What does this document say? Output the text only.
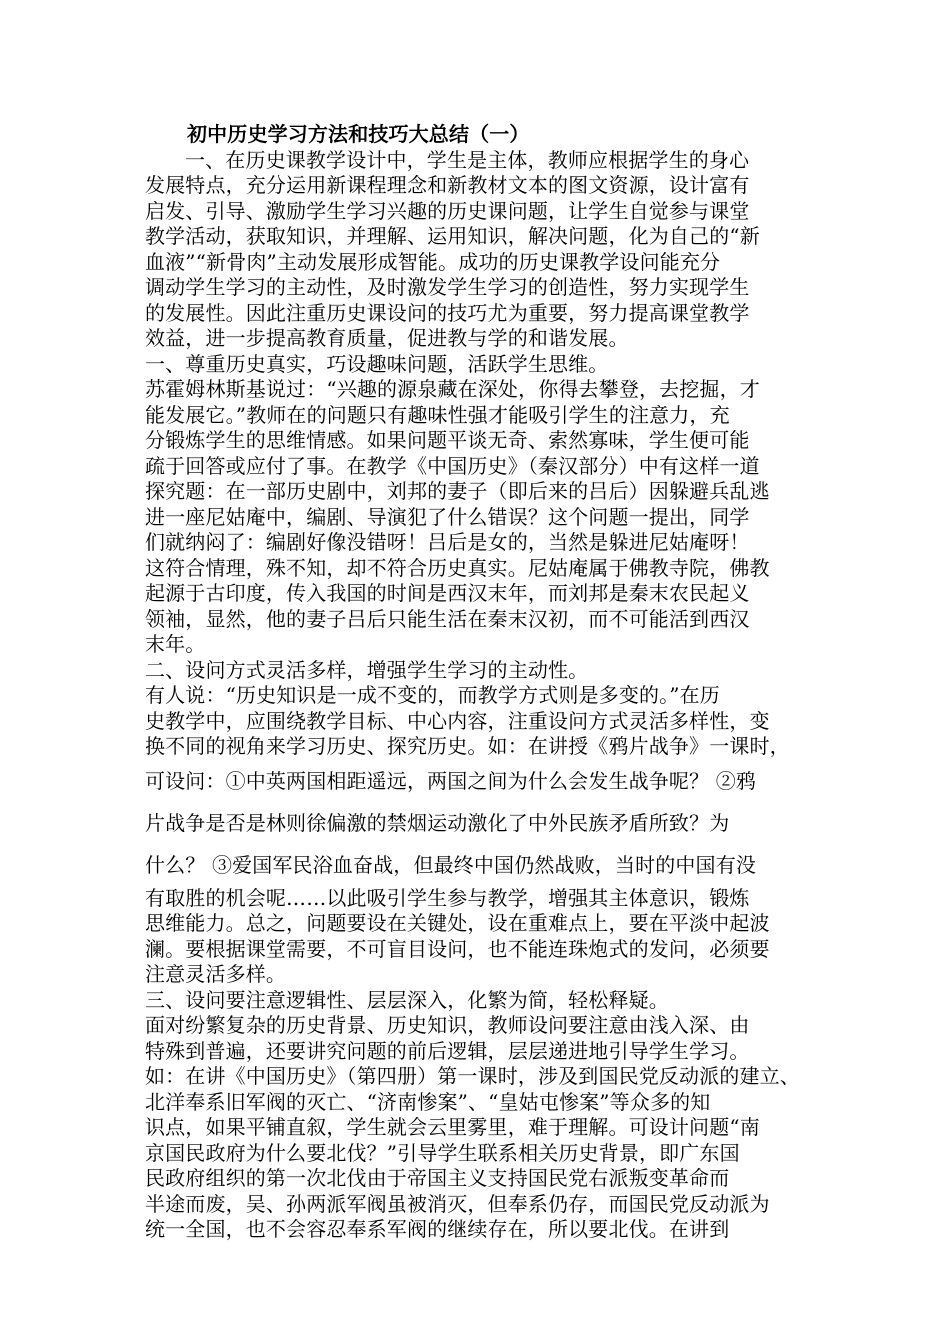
初中历史学习方法和技巧大总结（一）
一、在历史课教学设计中，学生是主体，教师应根据学生的身心
发展特点，充分运用新课程理念和新教材文本的图文资源，设计富有
启发、引导、激励学生学习兴趣的历史课问题，让学生自觉参与课堂
教学活动，获取知识，并理解、运用知识，解决问题，化为自己的“新
血液”“新骨肉”主动发展形成智能。成功的历史课教学设问能充分
调动学生学习的主动性，及时激发学生学习的创造性，努力实现学生
的发展性。因此注重历史课设问的技巧尤为重要，努力提高课堂教学
效益，进一步提高教育质量，促进教与学的和谐发展。
一、尊重历史真实，巧设趣味问题，活跃学生思维。
苏霍姆林斯基说过：“兴趣的源泉藏在深处，你得去攀登，去挖掘，才
能发展它。”教师在的问题只有趣味性强才能吸引学生的注意力，充
分锻炼学生的思维情感。如果问题平谈无奇、索然寡味，学生便可能
疏于回答或应付了事。在教学《中国历史》（秦汉部分）中有这样一道
探究题：在一部历史剧中，刘邦的妻子（即后来的吕后）因躲避兵乱逃
进一座尼姑庵中，编剧、导演犯了什么错误？这个问题一提出，同学
们就纳闷了：编剧好像没错呀！吕后是女的，当然是躲进尼姑庵呀！
这符合情理，殊不知，却不符合历史真实。尼姑庵属于佛教寺院，佛教
起源于古印度，传入我国的时间是西汉末年，而刘邦是秦末农民起义
领袖，显然，他的妻子吕后只能生活在秦末汉初，而不可能活到西汉
末年。
二、设问方式灵活多样，增强学生学习的主动性。
有人说：“历史知识是一成不变的，而教学方式则是多变的。”在历
史教学中，应围绕教学目标、中心内容，注重设问方式灵活多样性，变
换不同的视角来学习历史、探究历史。如：在讲授《鸦片战争》一课时，
可设问：①中英两国相距遥远，两国之间为什么会发生战争呢？ ②鸦
片战争是否是林则徐偏激的禁烟运动激化了中外民族矛盾所致？为
什么？ ③爱国军民浴血奋战，但最终中国仍然战败，当时的中国有没
有取胜的机会呢……以此吸引学生参与教学，增强其主体意识，锻炼
思维能力。总之，问题要设在关键处，设在重难点上，要在平淡中起波
澜。要根据课堂需要，不可盲目设问，也不能连珠炮式的发问，必须要
注意灵活多样。
三、设问要注意逻辑性、层层深入，化繁为简，轻松释疑。
面对纷繁复杂的历史背景、历史知识，教师设问要注意由浅入深、由
特殊到普遍，还要讲究问题的前后逻辑，层层递进地引导学生学习。
如：在讲《中国历史》（第四册）第一课时，涉及到国民党反动派的建立、
北洋奉系旧军阀的灭亡、“济南惨案”、“皇姑屯惨案”等众多的知
识点，如果平铺直叙，学生就会云里雾里，难于理解。可设计问题“南
京国民政府为什么要北伐？”引导学生联系相关历史背景，即广东国
民政府组织的第一次北伐由于帝国主义支持国民党右派叛变革命而
半途而废，吴、孙两派军阀虽被消灭，但奉系仍存，而国民党反动派为
统一全国，也不会容忍奉系军阀的继续存在，所以要北伐。在讲到
